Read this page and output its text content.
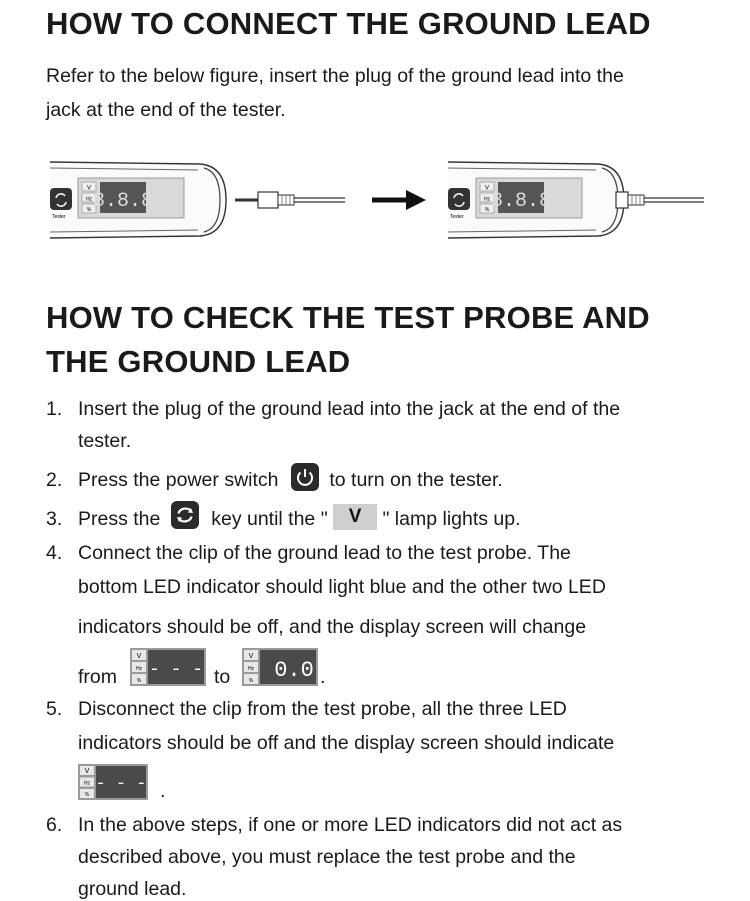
HOW TO CONNECT THE GROUND LEAD
Refer to the below figure, insert the plug of the ground lead into the
jack at the end of the tester.
V
Hz
% 8.8.8
Tester
V
Hz
% 8.8.8
Tester
HOW TO CHECK THE TEST PROBE AND
THE GROUND LEAD
1. Insert the plug of the ground lead into the jack at the end of the
tester.
2. Press the power switch	to turn on the tester.
3. Press the	key until the " V " lamp lights up.
4. Connect the clip of the ground lead to the test probe. The
bottom LED indicator should light blue and the other two LED
indicators should be off, and the display screen will change
from
V
Hz
%
- - - to
V
Hz
% 0.0 .
5. Disconnect the clip from the test probe, all the three LED
indicators should be off and the display screen should indicate
V
Hz
%
- - - .
6. In the above steps, if one or more LED indicators did not act as
described above, you must replace the test probe and the
ground lead.
